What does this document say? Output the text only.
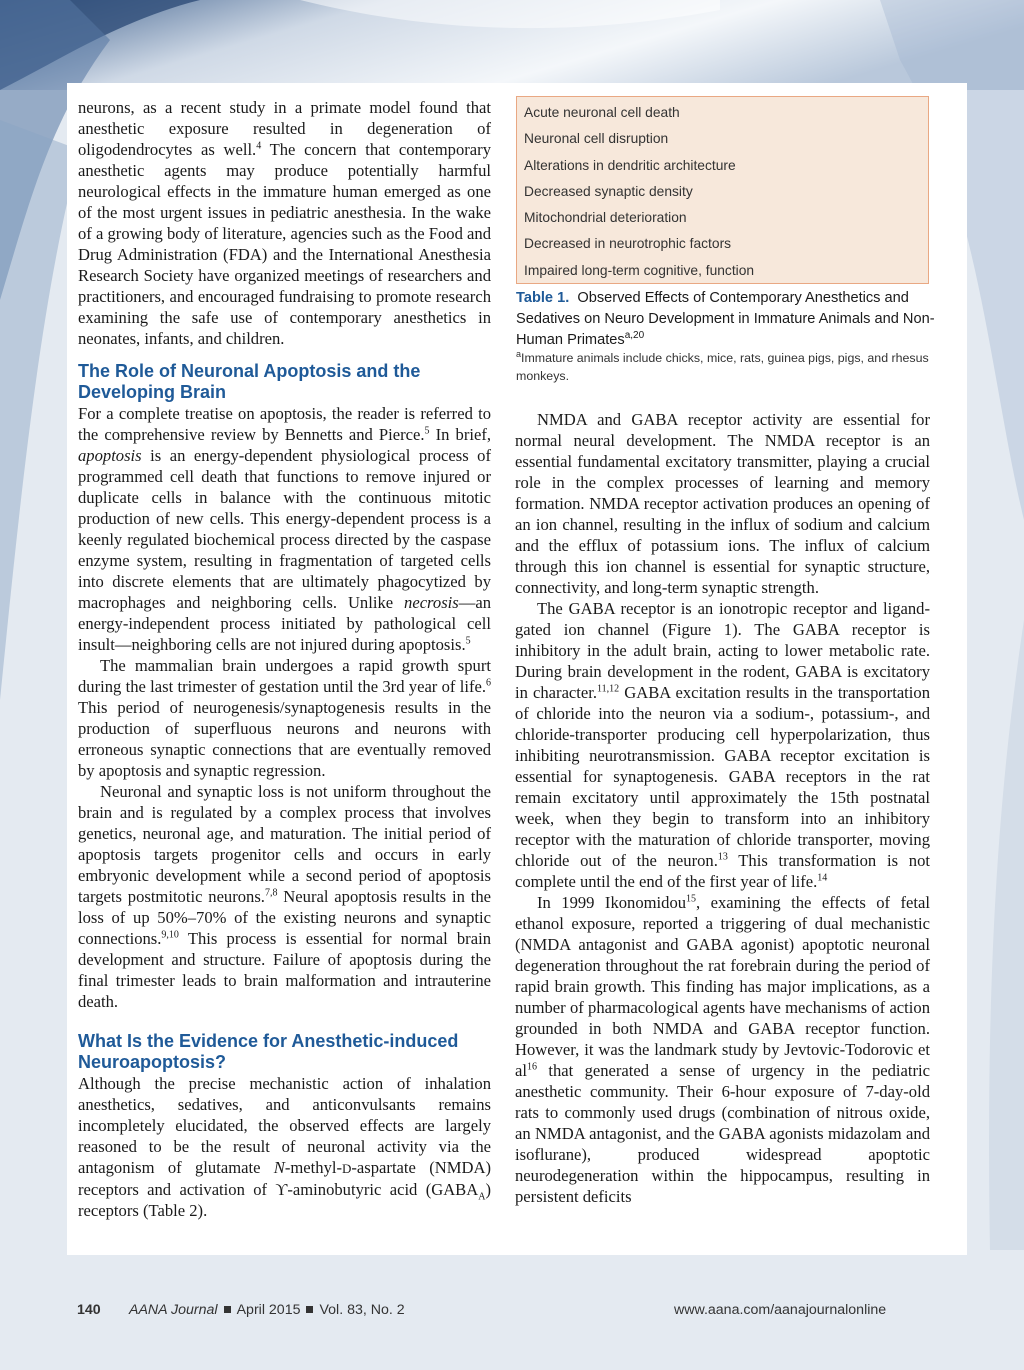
neurons, as a recent study in a primate model found that anesthetic exposure resulted in degeneration of oligodendrocytes as well.$^4$ The concern that contemporary anesthetic agents may produce potentially harmful neurological effects in the immature human emerged as one of the most urgent issues in pediatric anesthesia. In the wake of a growing body of literature, agencies such as the Food and Drug Administration (FDA) and the International Anesthesia Research Society have organized meetings of researchers and practitioners, and encouraged fundraising to promote research examining the safe use of contemporary anesthetics in neonates, infants, and children.

The Role of Neuronal Apoptosis and the Developing Brain

For a complete treatise on apoptosis, the reader is referred to the comprehensive review by Bennetts and Pierce.$^5$ In brief, apoptosis is an energy-dependent physiological process of programmed cell death that functions to remove injured or duplicate cells in balance with the continuous mitotic production of new cells. This energy-dependent process is a keenly regulated biochemical process directed by the caspase enzyme system, resulting in fragmentation of targeted cells into discrete elements that are ultimately phagocytized by macrophages and neighboring cells. Unlike necrosis—an energy-independent process initiated by pathological cell insult—neighboring cells are not injured during apoptosis.$^5$

The mammalian brain undergoes a rapid growth spurt during the last trimester of gestation until the 3rd year of life.$^6$ This period of neurogenesis/synaptogenesis results in the production of superfluous neurons and neurons with erroneous synaptic connections that are eventually removed by apoptosis and synaptic regression.

Neuronal and synaptic loss is not uniform throughout the brain and is regulated by a complex process that involves genetics, neuronal age, and maturation. The initial period of apoptosis targets progenitor cells and occurs in early embryonic development while a second period of apoptosis targets postmitotic neurons.$^{7,8}$ Neural apoptosis results in the loss of up 50%–70% of the existing neurons and synaptic connections.$^{9,10}$ This process is essential for normal brain development and structure. Failure of apoptosis during the final trimester leads to brain malformation and intrauterine death.

What Is the Evidence for Anesthetic-induced Neuroapoptosis?

Although the precise mechanistic action of inhalation anesthetics, sedatives, and anticonvulsants remains incompletely elucidated, the observed effects are largely reasoned to be the result of neuronal activity via the antagonism of glutamate N-methyl-D-aspartate (NMDA) receptors and activation of ϒ-aminobutyric acid $(GABA_A)$ receptors (Table 2).

Acute neuronal cell death
Neuronal cell disruption
Alterations in dendritic architecture
Decreased synaptic density
Mitochondrial deterioration
Decreased in neurotrophic factors
Impaired long-term cognitive, function
Table 1. Observed Effects of Contemporary Anesthetics and Sedatives on Neuro Development in Immature Animals and Non-Human Primates$^{a,20}$
$^a$Immature animals include chicks, mice, rats, guinea pigs, pigs, and rhesus monkeys.

NMDA and GABA receptor activity are essential for normal neural development. The NMDA receptor is an essential fundamental excitatory transmitter, playing a crucial role in the complex processes of learning and memory formation. NMDA receptor activation produces an opening of an ion channel, resulting in the influx of sodium and calcium and the efflux of potassium ions. The influx of calcium through this ion channel is essential for synaptic structure, connectivity, and long-term synaptic strength.

The GABA receptor is an ionotropic receptor and ligand-gated ion channel (Figure 1). The GABA receptor is inhibitory in the adult brain, acting to lower metabolic rate. During brain development in the rodent, GABA is excitatory in character.$^{11,12}$ GABA excitation results in the transportation of chloride into the neuron via a sodium-, potassium-, and chloride-transporter producing cell hyperpolarization, thus inhibiting neurotransmission. GABA receptor excitation is essential for synaptogenesis. GABA receptors in the rat remain excitatory until approximately the 15th postnatal week, when they begin to transform into an inhibitory receptor with the maturation of chloride transporter, moving chloride out of the neuron.$^{13}$ This transformation is not complete until the end of the first year of life.$^{14}$

In 1999 Ikonomidou$^{15}$, examining the effects of fetal ethanol exposure, reported a triggering of dual mechanistic (NMDA antagonist and GABA agonist) apoptotic neuronal degeneration throughout the rat forebrain during the period of rapid brain growth. This finding has major implications, as a number of pharmacological agents have mechanisms of action grounded in both NMDA and GABA receptor function. However, it was the landmark study by Jevtovic-Todorovic et $al^{16}$ that generated a sense of urgency in the pediatric anesthetic community. Their 6-hour exposure of 7-day-old rats to commonly used drugs (combination of nitrous oxide, an NMDA antagonist, and the GABA agonists midazolam and isoflurane), produced widespread apoptotic neurodegeneration within the hippocampus, resulting in persistent deficits

140 AANA Journal April 2015 Vol. 83, No. 2	www.aana.com/aanajournalonline
